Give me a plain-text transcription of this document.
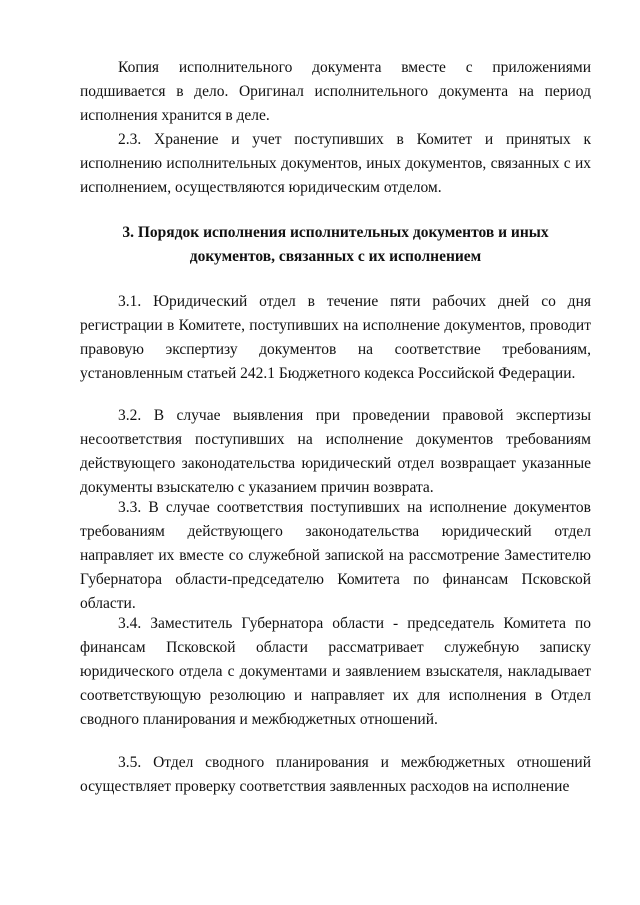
Копия исполнительного документа вместе с приложениями подшивается в дело. Оригинал исполнительного документа на период исполнения хранится в деле.

2.3. Хранение и учет поступивших в Комитет и принятых к исполнению исполнительных документов, иных документов, связанных с их исполнением, осуществляются юридическим отделом.

3. Порядок исполнения исполнительных документов и иных документов, связанных с их исполнением

3.1. Юридический отдел в течение пяти рабочих дней со дня регистрации в Комитете, поступивших на исполнение документов, проводит правовую экспертизу документов на соответствие требованиям, установленным статьей 242.1 Бюджетного кодекса Российской Федерации.

3.2. В случае выявления при проведении правовой экспертизы несоответствия поступивших на исполнение документов требованиям действующего законодательства юридический отдел возвращает указанные документы взыскателю с указанием причин возврата.

3.3. В случае соответствия поступивших на исполнение документов требованиям действующего законодательства юридический отдел направляет их вместе со служебной запиской на рассмотрение Заместителю Губернатора области-председателю Комитета по финансам Псковской области.

3.4. Заместитель Губернатора области - председатель Комитета по финансам Псковской области рассматривает служебную записку юридического отдела с документами и заявлением взыскателя, накладывает соответствующую резолюцию и направляет их для исполнения в Отдел сводного планирования и межбюджетных отношений.

3.5. Отдел сводного планирования и межбюджетных отношений осуществляет проверку соответствия заявленных расходов на исполнение
